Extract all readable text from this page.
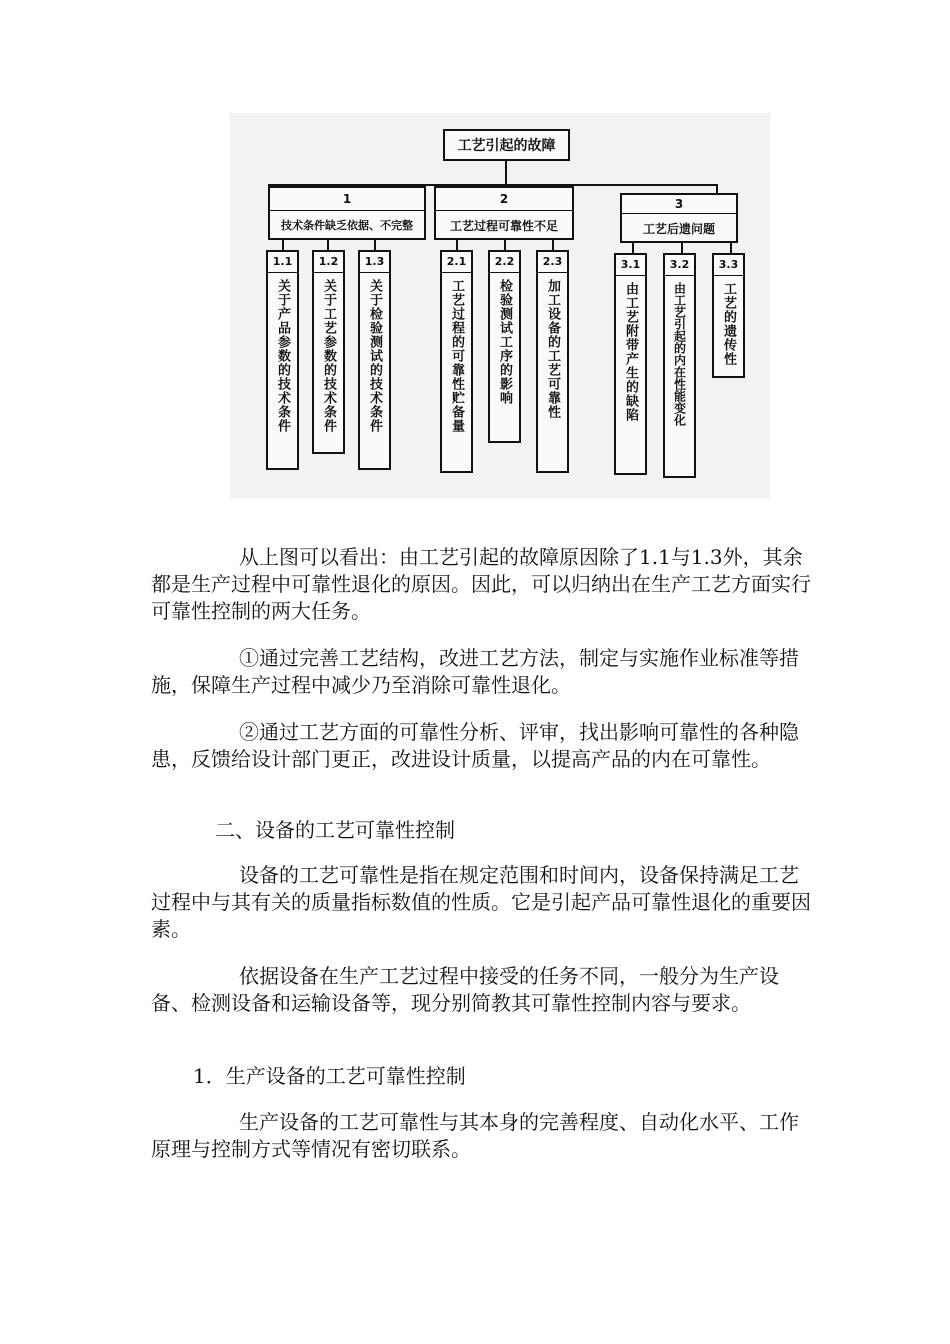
工艺引起的故障
1
技术条件缺乏依据、不完整
1.1
关于产品参数的技术条件
1.2
关于工艺参数的技术条件
1.3
关于检验测试的技术条件
2
工艺过程可靠性不足
2.1
工艺过程的可靠性贮备量
2.2
检验测试工序的影响
2.3
加工设备的工艺可靠性
3
工艺后遗问题
3.1
由工艺附带产生的缺陷
3.2
由工艺引起的内在性能变化
3.3
工艺的遗传性

从上图可以看出：由工艺引起的故障原因除了1.1与1.3外，其余都是生产过程中可靠性退化的原因。因此，可以归纳出在生产工艺方面实行可靠性控制的两大任务。

①通过完善工艺结构，改进工艺方法，制定与实施作业标准等措施，保障生产过程中减少乃至消除可靠性退化。

②通过工艺方面的可靠性分析、评审，找出影响可靠性的各种隐患，反馈给设计部门更正，改进设计质量，以提高产品的内在可靠性。

二、设备的工艺可靠性控制

设备的工艺可靠性是指在规定范围和时间内，设备保持满足工艺过程中与其有关的质量指标数值的性质。它是引起产品可靠性退化的重要因素。

依据设备在生产工艺过程中接受的任务不同，一般分为生产设备、检测设备和运输设备等，现分别简教其可靠性控制内容与要求。

1．生产设备的工艺可靠性控制

生产设备的工艺可靠性与其本身的完善程度、自动化水平、工作原理与控制方式等情况有密切联系。
